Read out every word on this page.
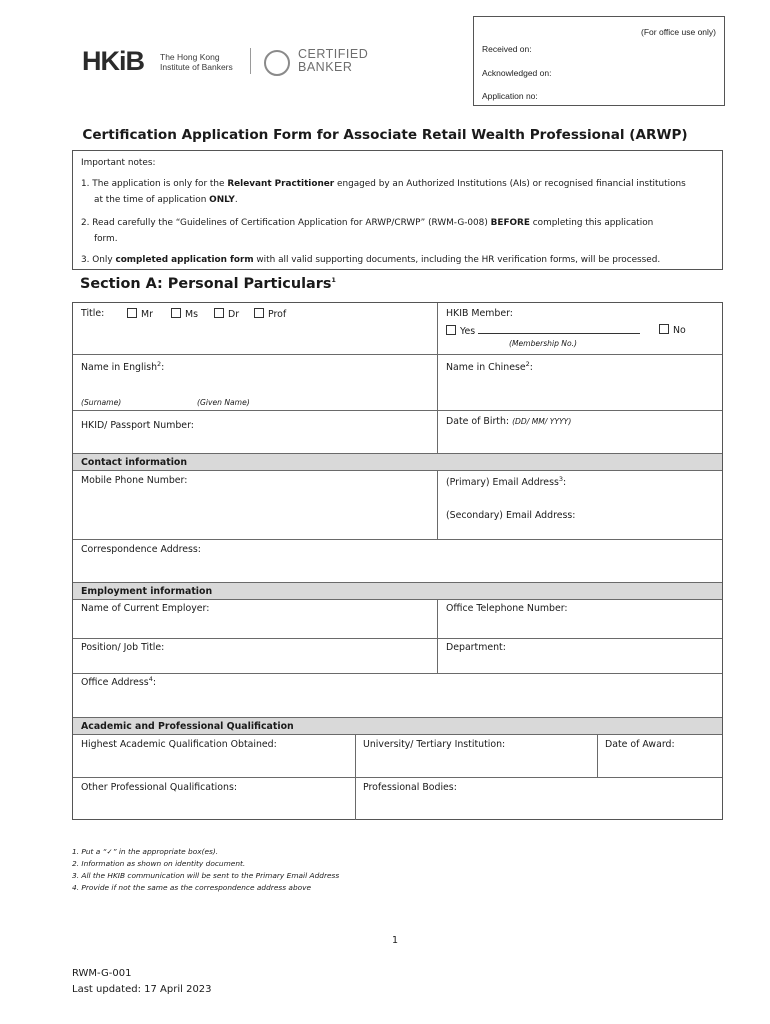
HKiB The Hong Kong
Institute of Bankers
CERTIFIED
BANKER
(For office use only)
Received on:
Acknowledged on:
Application no:
Certification Application Form for Associate Retail Wealth Professional (ARWP)
Important notes:
1. The application is only for the Relevant Practitioner engaged by an Authorized Institutions (AIs) or recognised financial institutions
at the time of application ONLY.
2. Read carefully the “Guidelines of Certification Application for ARWP/CRWP” (RWM-G-008) BEFORE completing this application
form.
3. Only completed application form with all valid supporting documents, including the HR verification forms, will be processed.
Section A: Personal Particulars$^1$
Title:	Mr	Ms	Dr	Prof	HKIB Member:
Yes	No
(Membership No.)
Name in English$^2$:
(Surname)	(Given Name)
Name in Chinese$^2$:
HKID/ Passport Number:	Date of Birth: (DD/ MM/ YYYY)
Contact information
Mobile Phone Number:	(Primary) Email Address$^3$:
(Secondary) Email Address:
Correspondence Address:
Employment information
Name of Current Employer:	Office Telephone Number:
Position/ Job Title:	Department:
Office Address$^4$:
Academic and Professional Qualification
Highest Academic Qualification Obtained:	University/ Tertiary Institution:	Date of Award:
Other Professional Qualifications:	Professional Bodies:
1. Put a “✓” in the appropriate box(es).
2. Information as shown on identity document.
3. All the HKIB communication will be sent to the Primary Email Address
4. Provide if not the same as the correspondence address above
1
RWM-G-001
Last updated: 17 April 2023
